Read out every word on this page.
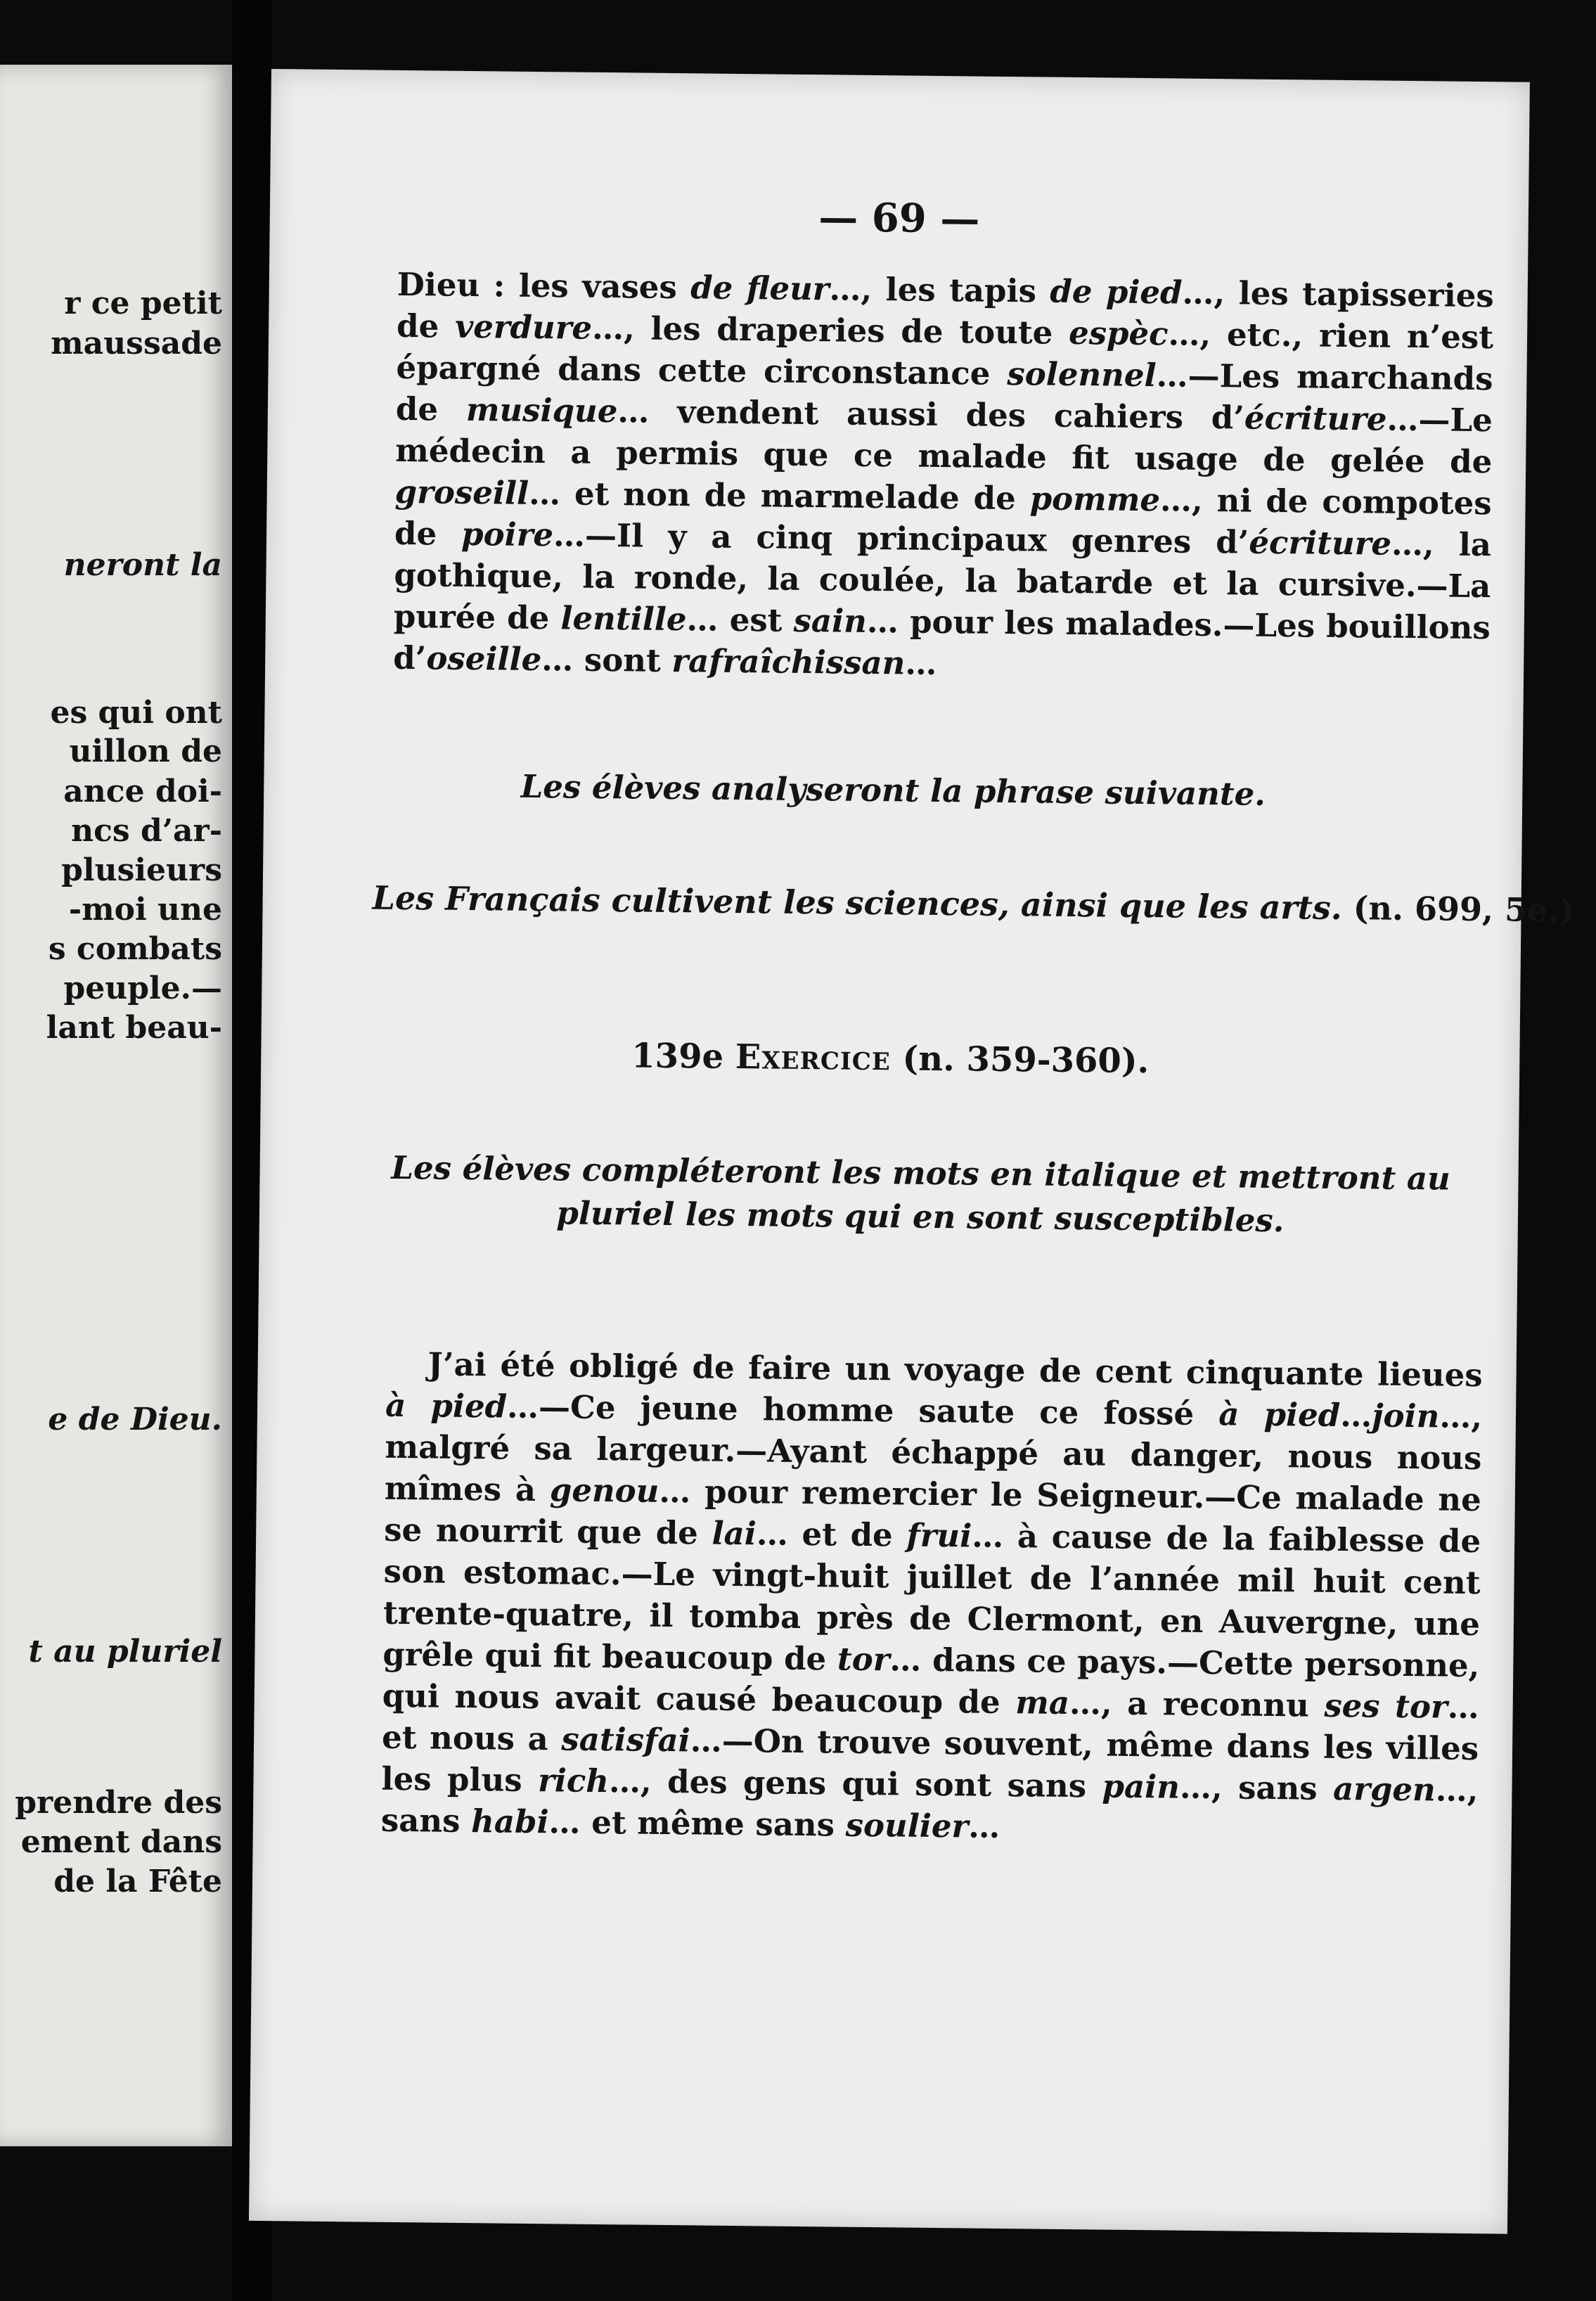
r ce petit
maussade
neront la
es qui ont
uillon de
ance doi-
ncs d’ar-
plusieurs
-moi une
s combats
peuple.—
lant beau-
e de Dieu.
t au pluriel
prendre des
ement dans
de la Fête
— 69 —

Dieu : les vases de fleur…, les tapis de pied…, les tapisseries de verdure…, les draperies de toute espèc…, etc., rien n’est épargné dans cette circonstance solennel…—Les marchands de musique… vendent aussi des cahiers d’écriture…—Le médecin a permis que ce malade fit usage de gelée de groseill… et non de marmelade de pomme…, ni de compotes de poire…—Il y a cinq principaux genres d’écriture…, la gothique, la ronde, la coulée, la batarde et la cursive.—La purée de lentille… est sain… pour les malades.—Les bouillons d’oseille… sont rafraîchissan…

Les élèves analyseront la phrase suivante.

Les Français cultivent les sciences, ainsi que les arts. (n. 699, 5e.)

139e Exercice (n. 359-360).

Les élèves compléteront les mots en italique et mettront au pluriel les mots qui en sont susceptibles.

J’ai été obligé de faire un voyage de cent cinquante lieues à pied…—Ce jeune homme saute ce fossé à pied…join…, malgré sa largeur.—Ayant échappé au danger, nous nous mîmes à genou… pour remercier le Seigneur.—Ce malade ne se nourrit que de lai… et de frui… à cause de la faiblesse de son estomac.—Le vingt-huit juillet de l’année mil huit cent trente-quatre, il tomba près de Clermont, en Auvergne, une grêle qui fit beaucoup de tor… dans ce pays.—Cette personne, qui nous avait causé beaucoup de ma…, a reconnu ses tor… et nous a satisfai…—On trouve souvent, même dans les villes les plus rich…, des gens qui sont sans pain…, sans argen…, sans habi… et même sans soulier…
